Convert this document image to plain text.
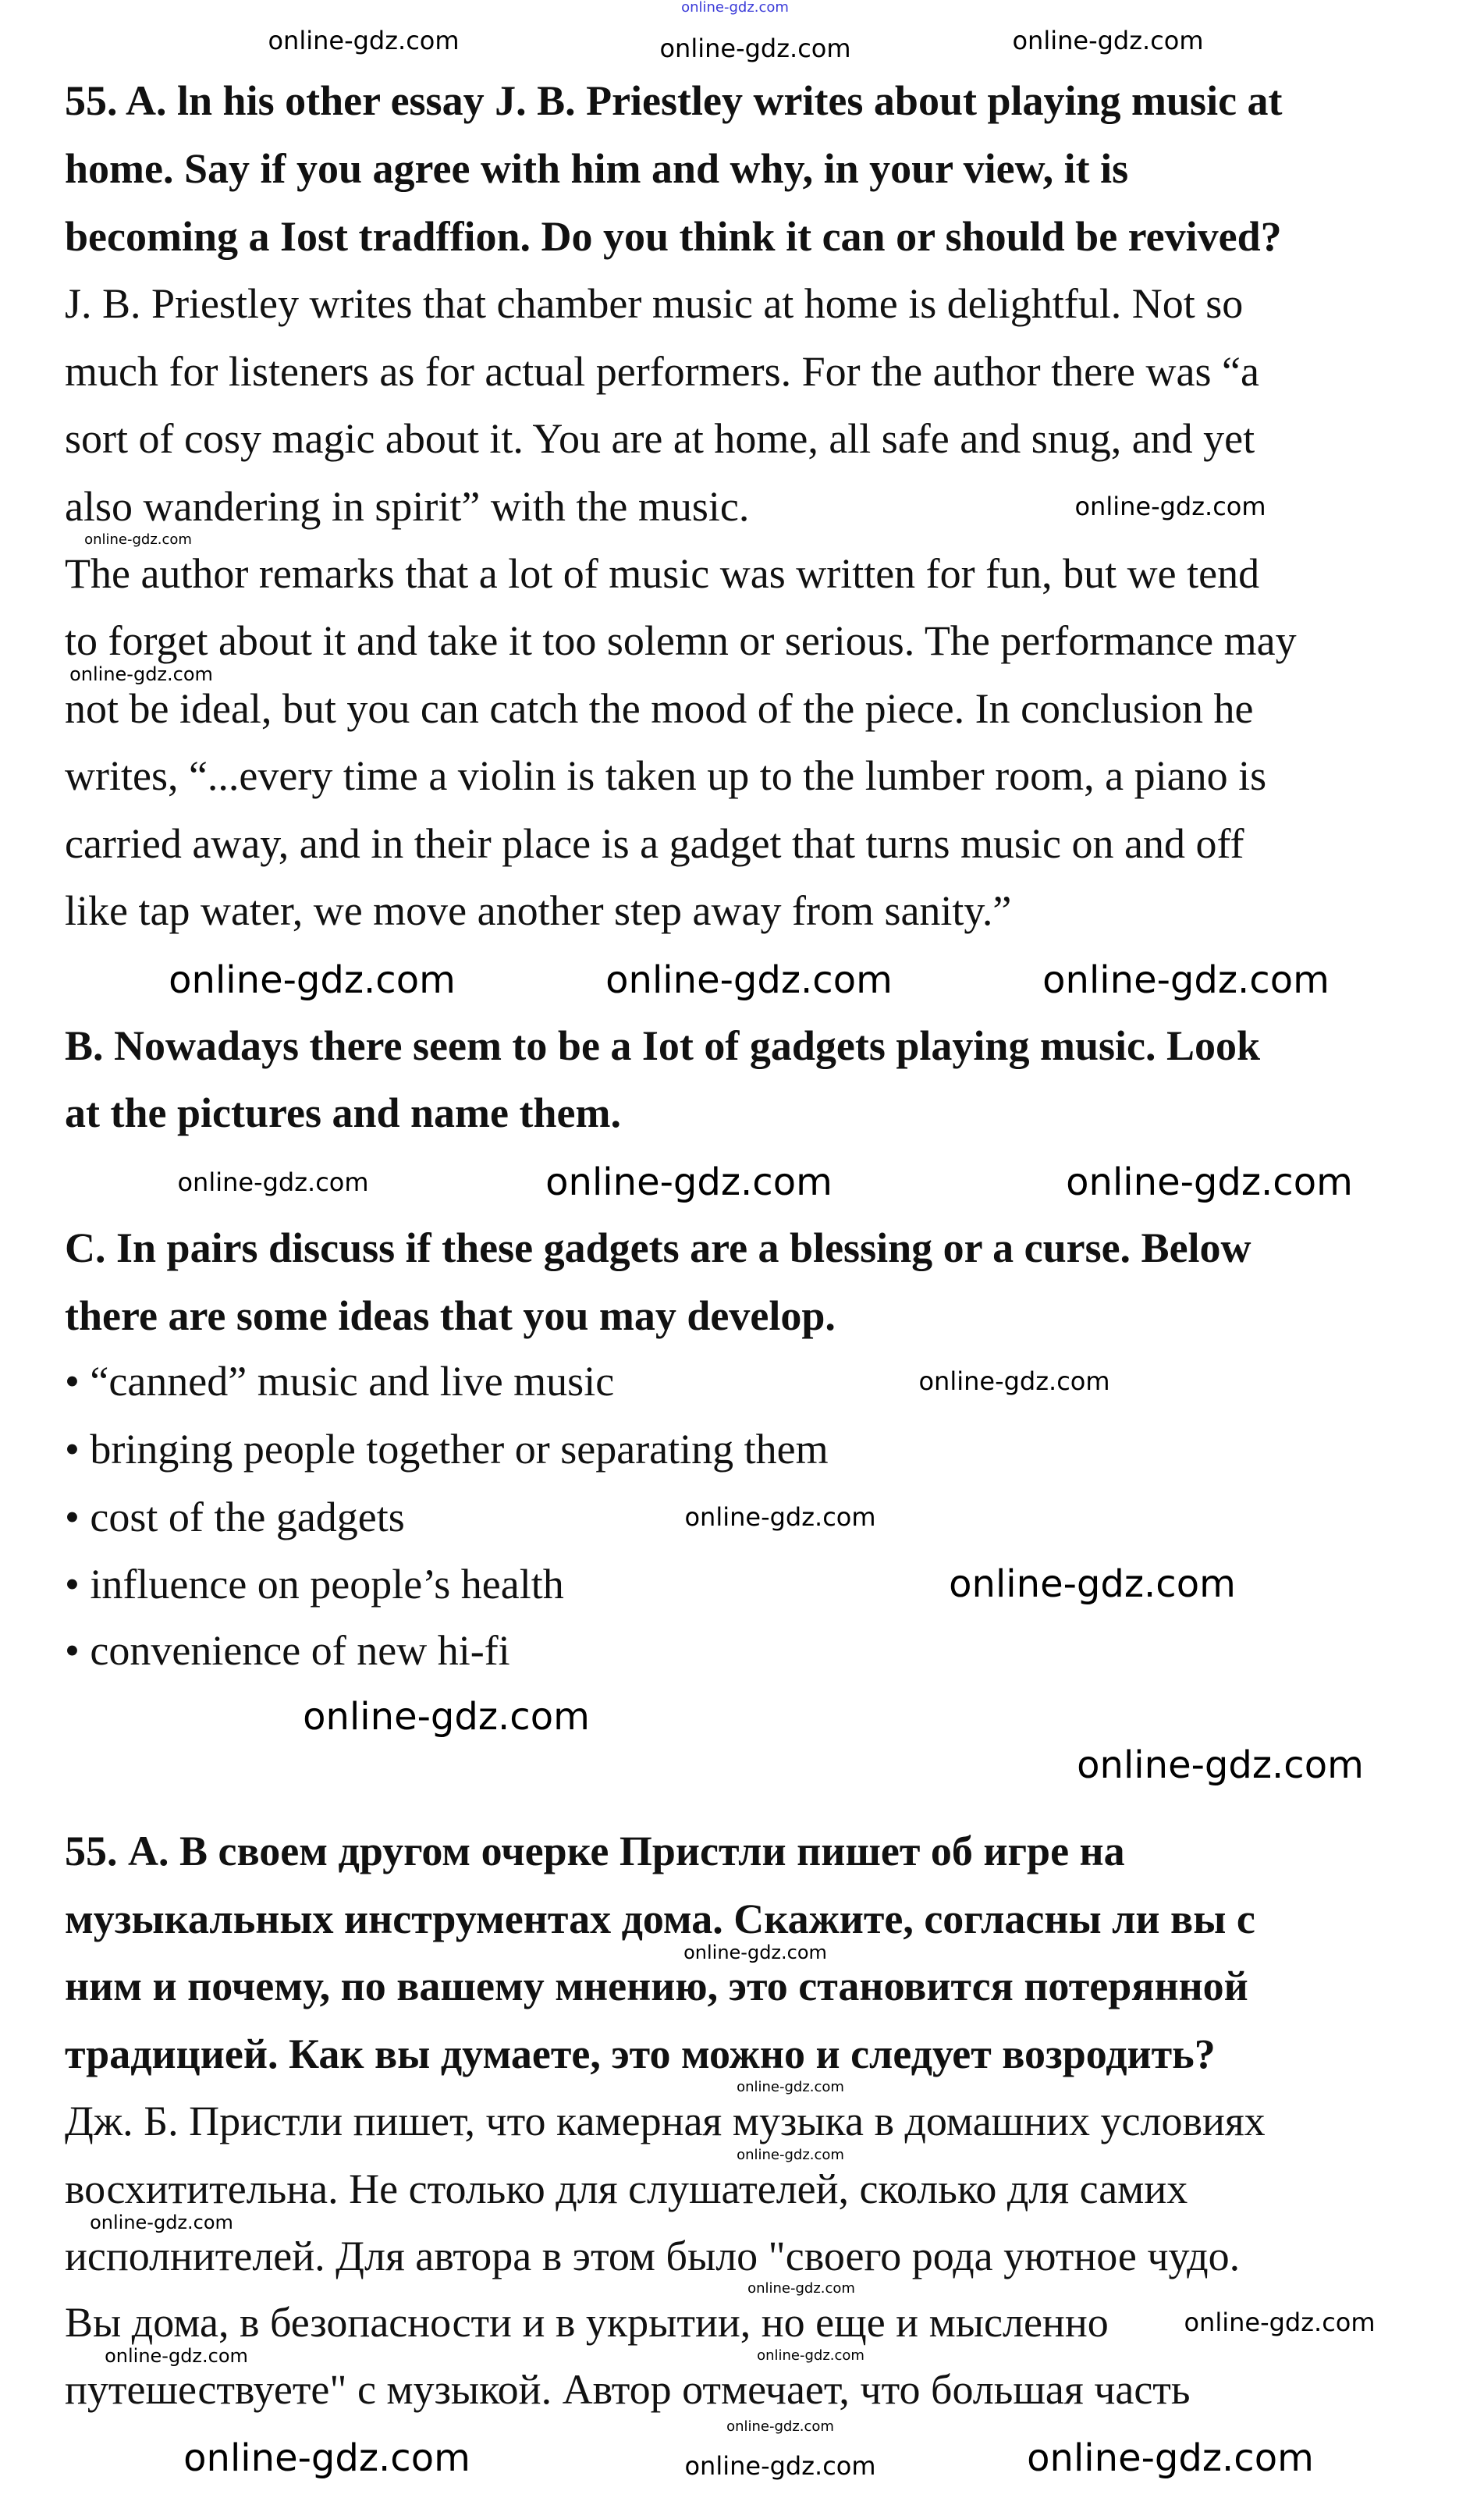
55. A. ln his other essay J. B. Priestley writes about playing music at
home. Say if you agree with him and why, in your view, it is
becoming a Iost tradffion. Do you think it can or should be revived?
J. B. Priestley writes that chamber music at home is delightful. Not so
much for listeners as for actual performers. For the author there was “a
sort of cosy magic about it. You are at home, all safe and snug, and yet
also wandering in spirit” with the music.
The author remarks that a lot of music was written for fun, but we tend
to forget about it and take it too solemn or serious. The performance may
not be ideal, but you can catch the mood of the piece. In conclusion he
writes, “...every time a violin is taken up to the lumber room, a piano is
carried away, and in their place is a gadget that turns music on and off
like tap water, we move another step away from sanity.”
B. Nowadays there seem to be a Iot of gadgets playing music. Look
at the pictures and name them.
C. In pairs discuss if these gadgets are a blessing or a curse. Below
there are some ideas that you may develop.
• “canned” music and live music
• bringing people together or separating them
• cost of the gadgets
• influence on people’s health
• convenience of new hi-fi
55. А. В своем другом очерке Пристли пишет об игре на
музыкальных инструментах дома. Скажите, согласны ли вы с
ним и почему, по вашему мнению, это становится потерянной
традицией. Как вы думаете, это можно и следует возродить?
Дж. Б. Пристли пишет, что камерная музыка в домашних условиях
восхитительна. Не столько для слушателей, сколько для самих
исполнителей. Для автора в этом было "своего рода уютное чудо.
Вы дома, в безопасности и в укрытии, но еще и мысленно
путешествуете" с музыкой. Автор отмечает, что большая часть
online-gdz.com
online-gdz.com	online-gdz.com	online-gdz.com
online-gdz.com
online-gdz.com
online-gdz.com
online-gdz.com
online-gdz.com
online-gdz.com	online-gdz.com
online-gdz.com
online-gdz.com	online-gdz.com
online-gdz.com
online-gdz.com
online-gdz.com
online-gdz.com
online-gdz.com
online-gdz.com
online-gdz.com
online-gdz.com
online-gdz.com
online-gdz.com
online-gdz.com
online-gdz.com
online-gdz.com
online-gdz.com
online-gdz.com
online-gdz.com
